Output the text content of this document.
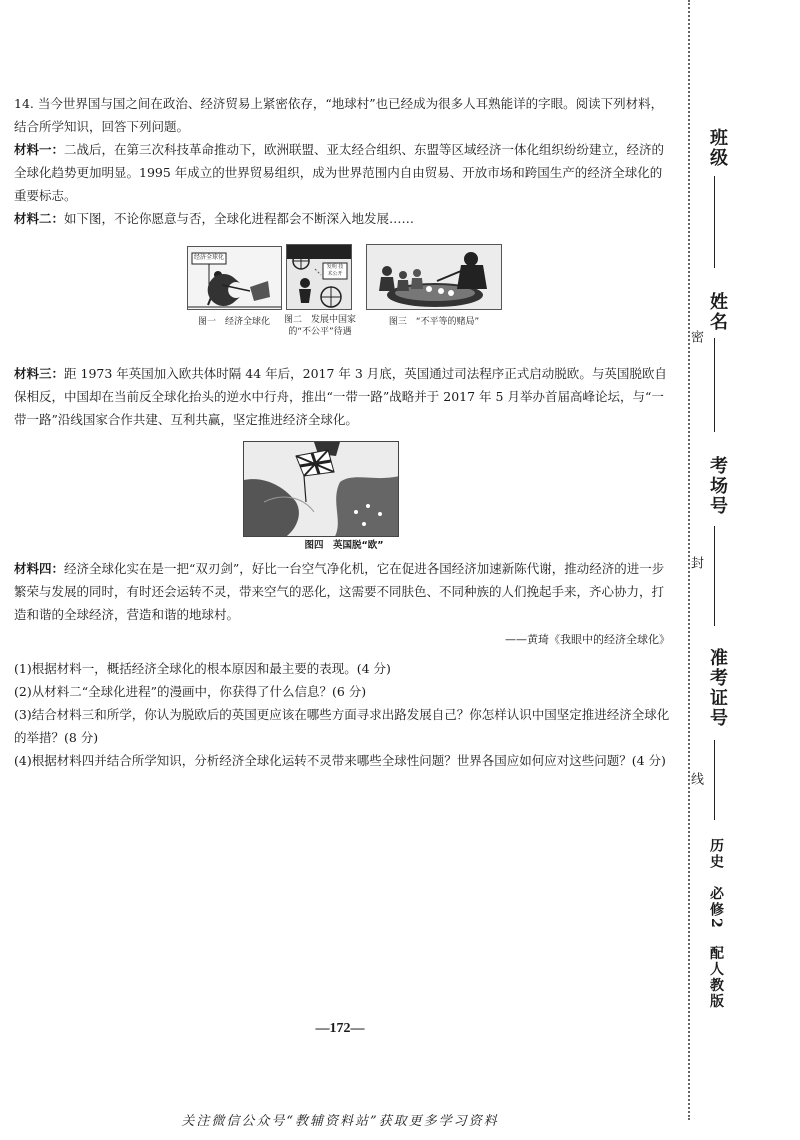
14. 当今世界国与国之间在政治、经济贸易上紧密依存，“地球村”也已经成为很多人耳熟能详的字眼。阅读下列材料，结合所学知识，回答下列问题。

材料一：二战后，在第三次科技革命推动下，欧洲联盟、亚太经合组织、东盟等区域经济一体化组织纷纷建立，经济的全球化趋势更加明显。1995 年成立的世界贸易组织，成为世界范围内自由贸易、开放市场和跨国生产的经济全球化的重要标志。

材料二：如下图，不论你愿意与否，全球化进程都会不断深入地发展……

经济全球化
图一　经济全球化
发明 技 术公开
图二　发展中国家的“不公平”待遇
图三　“不平等的赌局”

材料三：距 1973 年英国加入欧共体时隔 44 年后，2017 年 3 月底，英国通过司法程序正式启动脱欧。与英国脱欧自保相反，中国却在当前反全球化抬头的逆水中行舟，推出“一带一路”战略并于 2017 年 5 月举办首届高峰论坛，与“一带一路”沿线国家合作共建、互利共赢，坚定推进经济全球化。

图四　英国脱“欧”

材料四：经济全球化实在是一把“双刃剑”，好比一台空气净化机，它在促进各国经济加速新陈代谢，推动经济的进一步繁荣与发展的同时，有时还会运转不灵，带来空气的恶化，这需要不同肤色、不同种族的人们挽起手来，齐心协力，打造和谐的全球经济，营造和谐的地球村。

——黄琦《我眼中的经济全球化》

(1)根据材料一，概括经济全球化的根本原因和最主要的表现。(4 分)

(2)从材料二“全球化进程”的漫画中，你获得了什么信息？(6 分)

(3)结合材料三和所学，你认为脱欧后的英国更应该在哪些方面寻求出路发展自己？你怎样认识中国坚定推进经济全球化的举措？(8 分)

(4)根据材料四并结合所学知识，分析经济全球化运转不灵带来哪些全球性问题？世界各国应如何应对这些问题？(4 分)

—172—
关注微信公众号“教辅资料站”获取更多学习资料
班级
姓名
密
考场号
封
准考证号
线
历史　必修2　配人教版
